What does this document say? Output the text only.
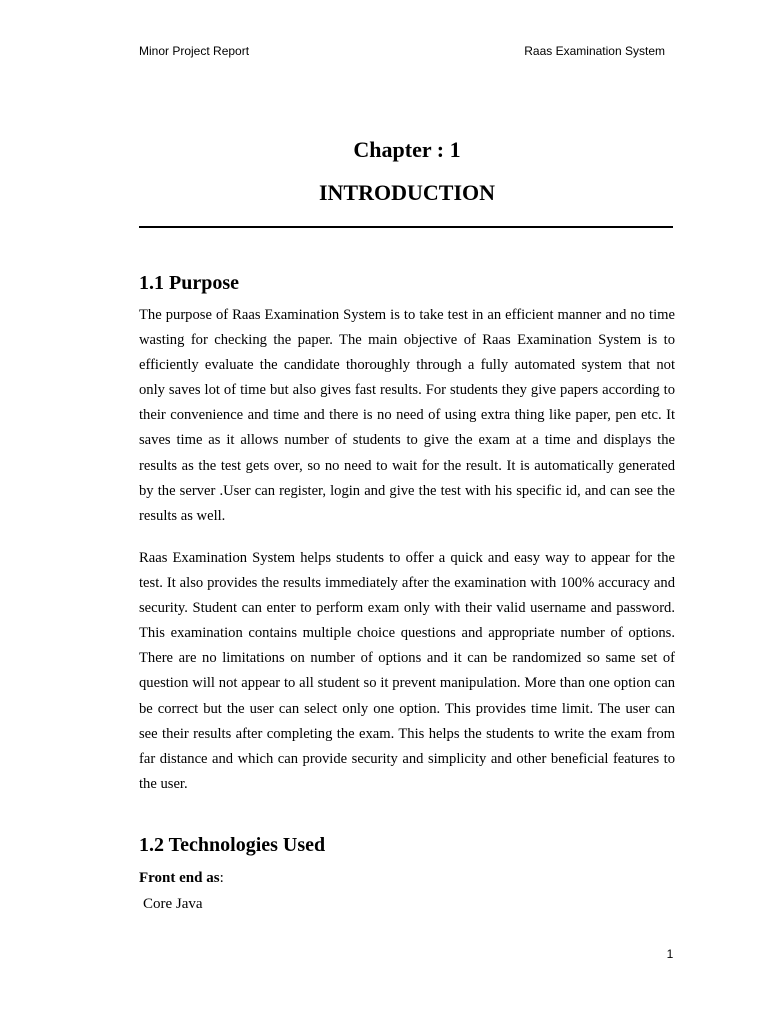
Minor Project Report	Raas Examination System
Chapter : 1
INTRODUCTION
1.1 Purpose

The purpose of Raas Examination System is to take test in an efficient manner and no time wasting for checking the paper. The main objective of Raas Examination System is to efficiently evaluate the candidate thoroughly through a fully automated system that not only saves lot of time but also gives fast results. For students they give papers according to their convenience and time and there is no need of using extra thing like paper, pen etc. It saves time as it allows number of students to give the exam at a time and displays the results as the test gets over, so no need to wait for the result. It is automatically generated by the server .User can register, login and give the test with his specific id, and can see the results as well.

Raas Examination System helps students to offer a quick and easy way to appear for the test. It also provides the results immediately after the examination with 100% accuracy and security. Student can enter to perform exam only with their valid username and password. This examination contains multiple choice questions and appropriate number of options. There are no limitations on number of options and it can be randomized so same set of question will not appear to all student so it prevent manipulation. More than one option can be correct but the user can select only one option. This provides time limit. The user can see their results after completing the exam. This helps the students to write the exam from far distance and which can provide security and simplicity and other beneficial features to the user.

1.2 Technologies Used
Front end as:
Core Java
1
